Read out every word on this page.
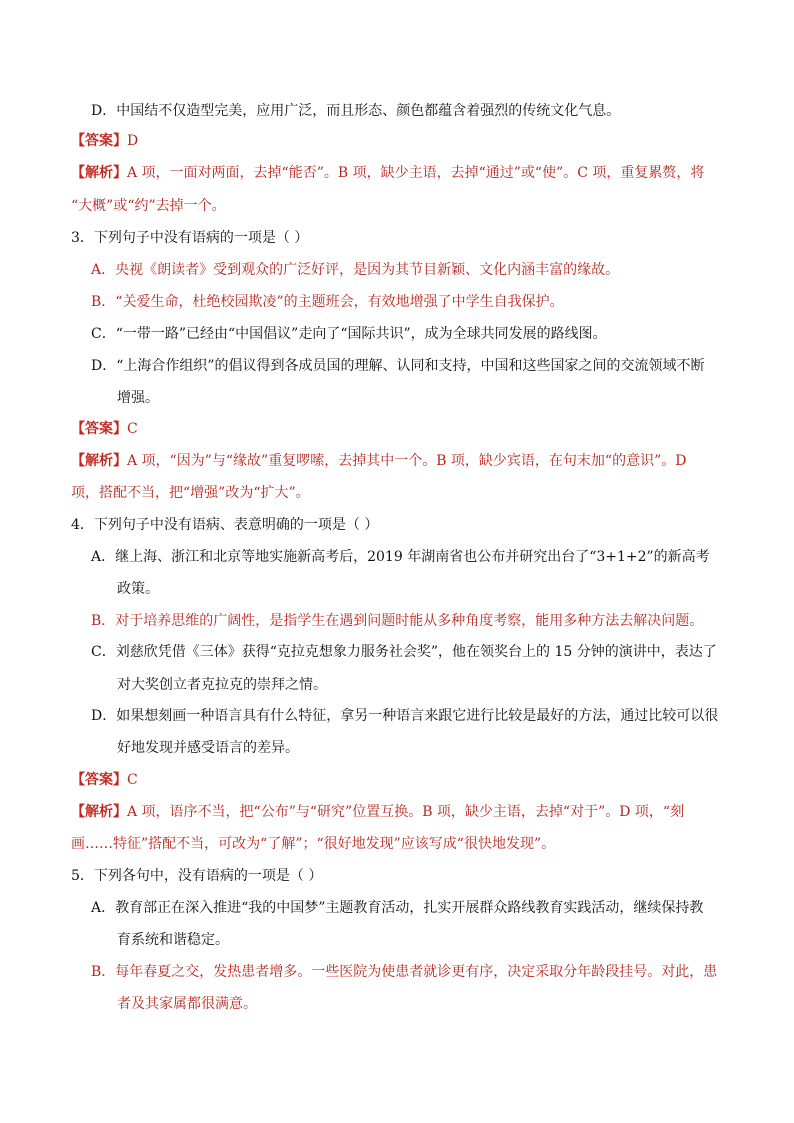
D．中国结不仅造型完美，应用广泛，而且形态、颜色都蕴含着强烈的传统文化气息。
【答案】D
【解析】A 项，一面对两面，去掉“能否”。B 项，缺少主语，去掉“通过”或“使”。C 项，重复累赘，将
“大概”或“约”去掉一个。
3．下列句子中没有语病的一项是（ ）
A．央视《朗读者》受到观众的广泛好评，是因为其节目新颖、文化内涵丰富的缘故。
B．“关爱生命，杜绝校园欺凌”的主题班会，有效地增强了中学生自我保护。
C．“一带一路”已经由“中国倡议”走向了“国际共识”，成为全球共同发展的路线图。
D．“上海合作组织”的倡议得到各成员国的理解、认同和支持，中国和这些国家之间的交流领域不断
增强。
【答案】C
【解析】A 项，“因为”与“缘故”重复啰嗦，去掉其中一个。B 项，缺少宾语，在句末加“的意识”。D
项，搭配不当，把“增强”改为“扩大”。
4．下列句子中没有语病、表意明确的一项是（ ）
A．继上海、浙江和北京等地实施新高考后，2019 年湖南省也公布并研究出台了“3+1+2”的新高考
政策。
B．对于培养思维的广阔性，是指学生在遇到问题时能从多种角度考察，能用多种方法去解决问题。
C．刘慈欣凭借《三体》获得“克拉克想象力服务社会奖”，他在领奖台上的 15 分钟的演讲中，表达了
对大奖创立者克拉克的崇拜之情。
D．如果想刻画一种语言具有什么特征，拿另一种语言来跟它进行比较是最好的方法，通过比较可以很
好地发现并感受语言的差异。
【答案】C
【解析】A 项，语序不当，把“公布”与“研究”位置互换。B 项，缺少主语，去掉“对于”。D 项，“刻
画……特征”搭配不当，可改为“了解”；“很好地发现”应该写成“很快地发现”。
5．下列各句中，没有语病的一项是（ ）
A．教育部正在深入推进“我的中国梦”主题教育活动，扎实开展群众路线教育实践活动，继续保持教
育系统和谐稳定。
B．每年春夏之交，发热患者增多。一些医院为使患者就诊更有序，决定采取分年龄段挂号。对此，患
者及其家属都很满意。
